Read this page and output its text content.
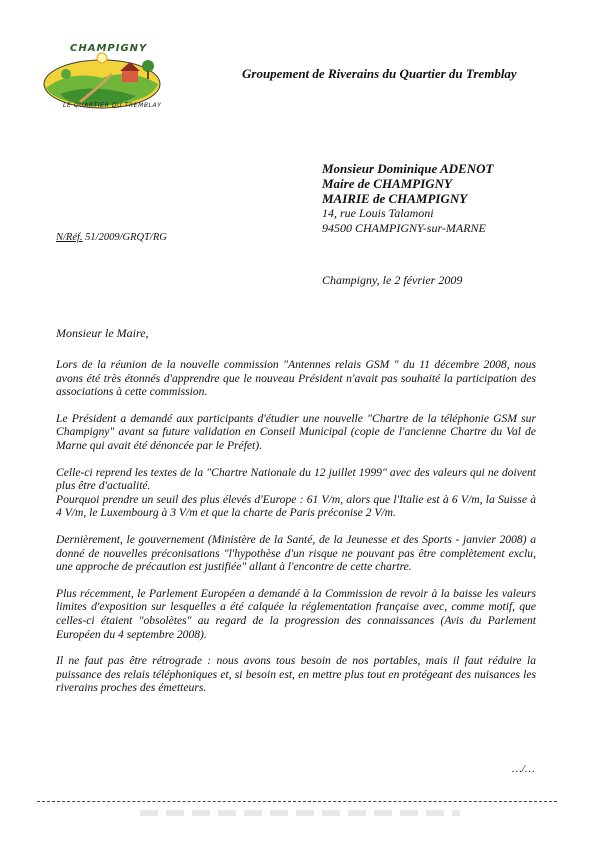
CHAMPIGNY
LE QUARTIER DU TREMBLAY
Groupement de Riverains du Quartier du Tremblay
Monsieur Dominique ADENOT
Maire de CHAMPIGNY
MAIRIE de CHAMPIGNY
14, rue Louis Talamoni
94500 CHAMPIGNY-sur-MARNE
N/Réf. 51/2009/GRQT/RG
Champigny, le 2 février 2009
Monsieur le Maire,

Lors de la réunion de la nouvelle commission "Antennes relais GSM " du 11 décembre 2008, nous avons été très étonnés d'apprendre que le nouveau Président n'avait pas souhaité la participation des associations à cette commission.

Le Président a demandé aux participants d'étudier une nouvelle "Chartre de la téléphonie GSM sur Champigny" avant sa future validation en Conseil Municipal (copie de l'ancienne Chartre du Val de Marne qui avait été dénoncée par le Préfet).

Celle-ci reprend les textes de la "Chartre Nationale du 12 juillet 1999" avec des valeurs qui ne doivent plus être d'actualité.

Pourquoi prendre un seuil des plus élevés d'Europe : 61 V/m, alors que l'Italie est à 6 V/m, la Suisse à 4 V/m, le Luxembourg à 3 V/m et que la charte de Paris préconise 2 V/m.

Dernièrement, le gouvernement (Ministère de la Santé, de la Jeunesse et des Sports - janvier 2008) a donné de nouvelles préconisations "l'hypothèse d'un risque ne pouvant pas être complètement exclu, une approche de précaution est justifiée" allant à l'encontre de cette chartre.

Plus récemment, le Parlement Européen a demandé à la Commission de revoir à la baisse les valeurs limites d'exposition sur lesquelles a été calquée la réglementation française avec, comme motif, que celles-ci étaient "obsolètes" au regard de la progression des connaissances (Avis du Parlement Européen du 4 septembre 2008).

Il ne faut pas être rétrograde : nous avons tous besoin de nos portables, mais il faut réduire la puissance des relais téléphoniques et, si besoin est, en mettre plus tout en protégeant des nuisances les riverains proches des émetteurs.

…/…
